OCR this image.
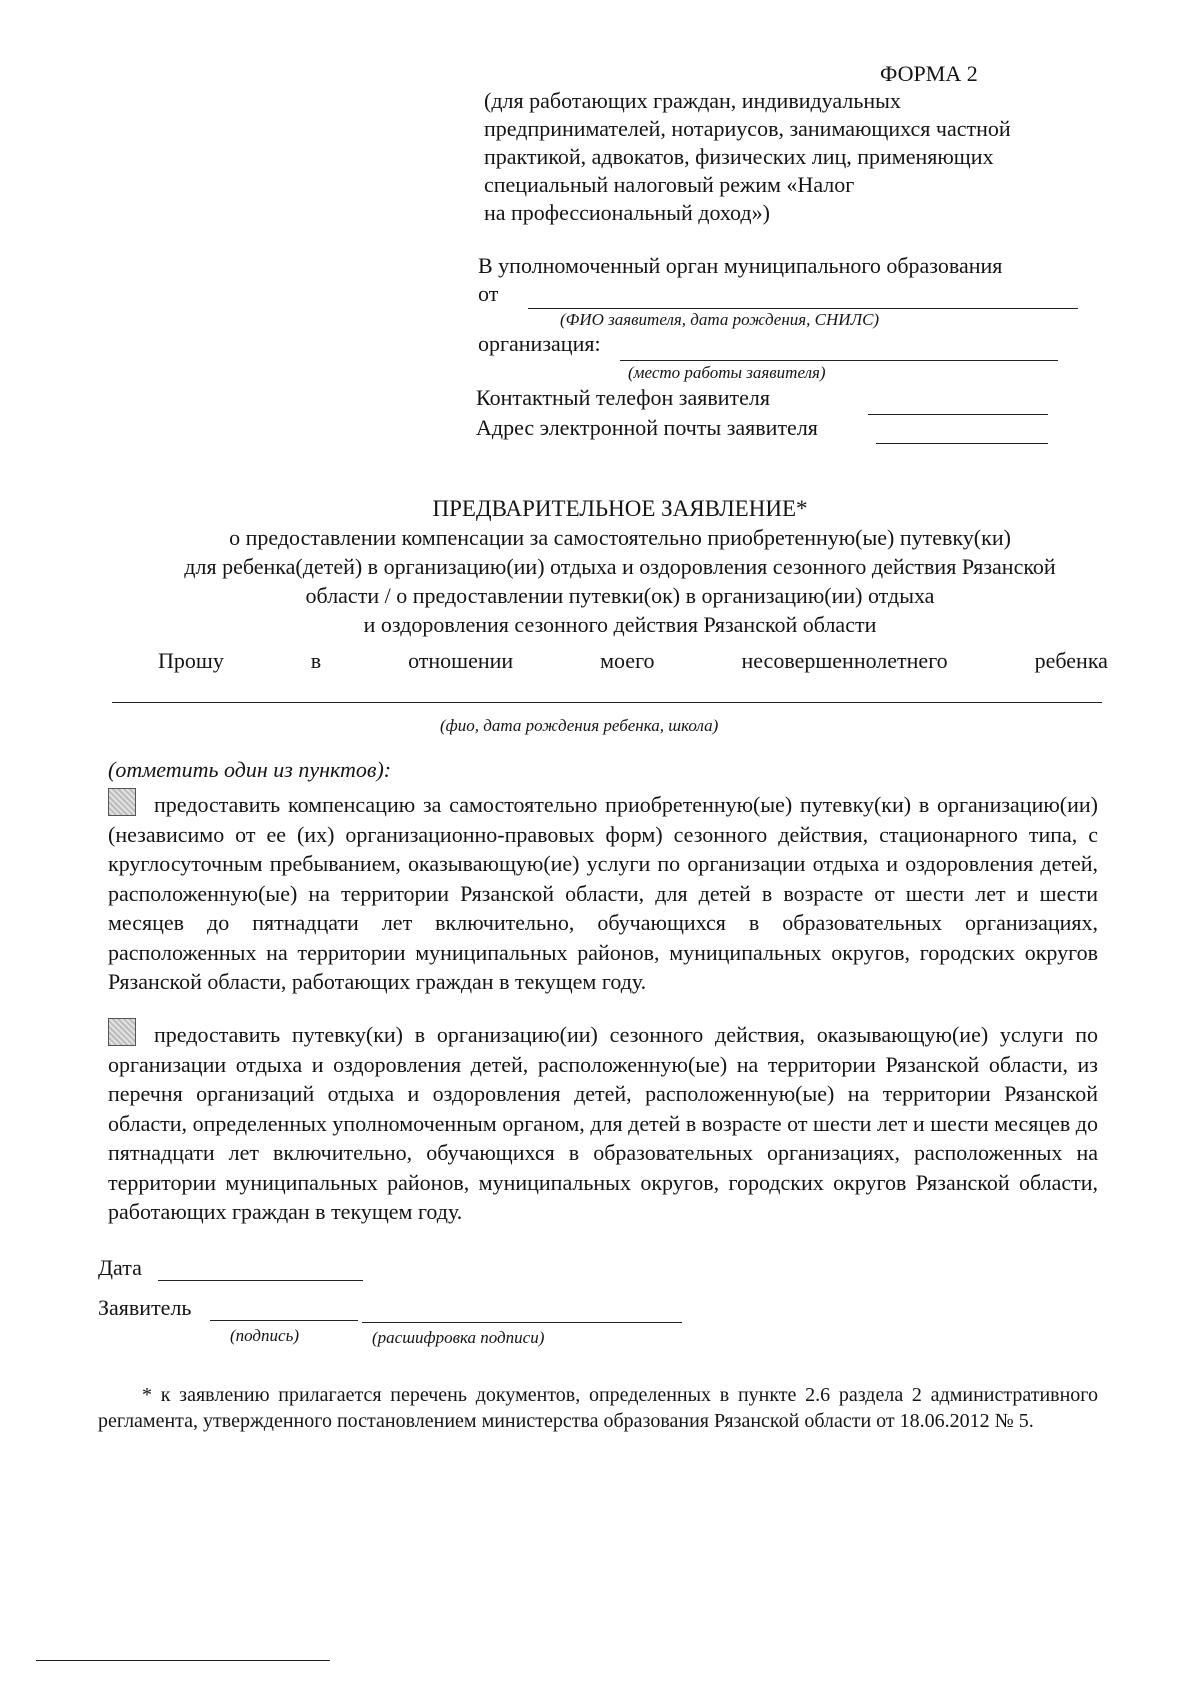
ФОРМА 2
(для работающих граждан, индивидуальных
предпринимателей, нотариусов, занимающихся частной
практикой, адвокатов, физических лиц, применяющих
специальный налоговый режим «Налог
на профессиональный доход»)
В уполномоченный орган муниципального образования
от
(ФИО заявителя, дата рождения, СНИЛС)
организация:
(место работы заявителя)
Контактный телефон заявителя
Адрес электронной почты заявителя
ПРЕДВАРИТЕЛЬНОЕ ЗАЯВЛЕНИЕ*
о предоставлении компенсации за самостоятельно приобретенную(ые) путевку(ки)
для ребенка(детей) в организацию(ии) отдыха и оздоровления сезонного действия Рязанской
области / о предоставлении путевки(ок) в организацию(ии) отдыха
и оздоровления сезонного действия Рязанской области
Прошу	в	отношении	моего	несовершеннолетнего	ребенка
(фио, дата рождения ребенка, школа)
(отметить один из пунктов):
предоставить компенсацию за самостоятельно приобретенную(ые) путевку(ки) в организацию(ии) (независимо от ее (их) организационно-правовых форм) сезонного действия, стационарного типа, с круглосуточным пребыванием, оказывающую(ие) услуги по организации отдыха и оздоровления детей, расположенную(ые) на территории Рязанской области, для детей в возрасте от шести лет и шести месяцев до пятнадцати лет включительно, обучающихся в образовательных организациях, расположенных на территории муниципальных районов, муниципальных округов, городских округов Рязанской области, работающих граждан в текущем году.
предоставить путевку(ки) в организацию(ии) сезонного действия, оказывающую(ие) услуги по организации отдыха и оздоровления детей, расположенную(ые) на территории Рязанской области, из перечня организаций отдыха и оздоровления детей, расположенную(ые) на территории Рязанской области, определенных уполномоченным органом, для детей в возрасте от шести лет и шести месяцев до пятнадцати лет включительно, обучающихся в образовательных организациях, расположенных на территории муниципальных районов, муниципальных округов, городских округов Рязанской области, работающих граждан в текущем году.
Дата
Заявитель
(подпись)	(расшифровка подписи)
* к заявлению прилагается перечень документов, определенных в пункте 2.6 раздела 2 административного регламента, утвержденного постановлением министерства образования Рязанской области от 18.06.2012 № 5.
